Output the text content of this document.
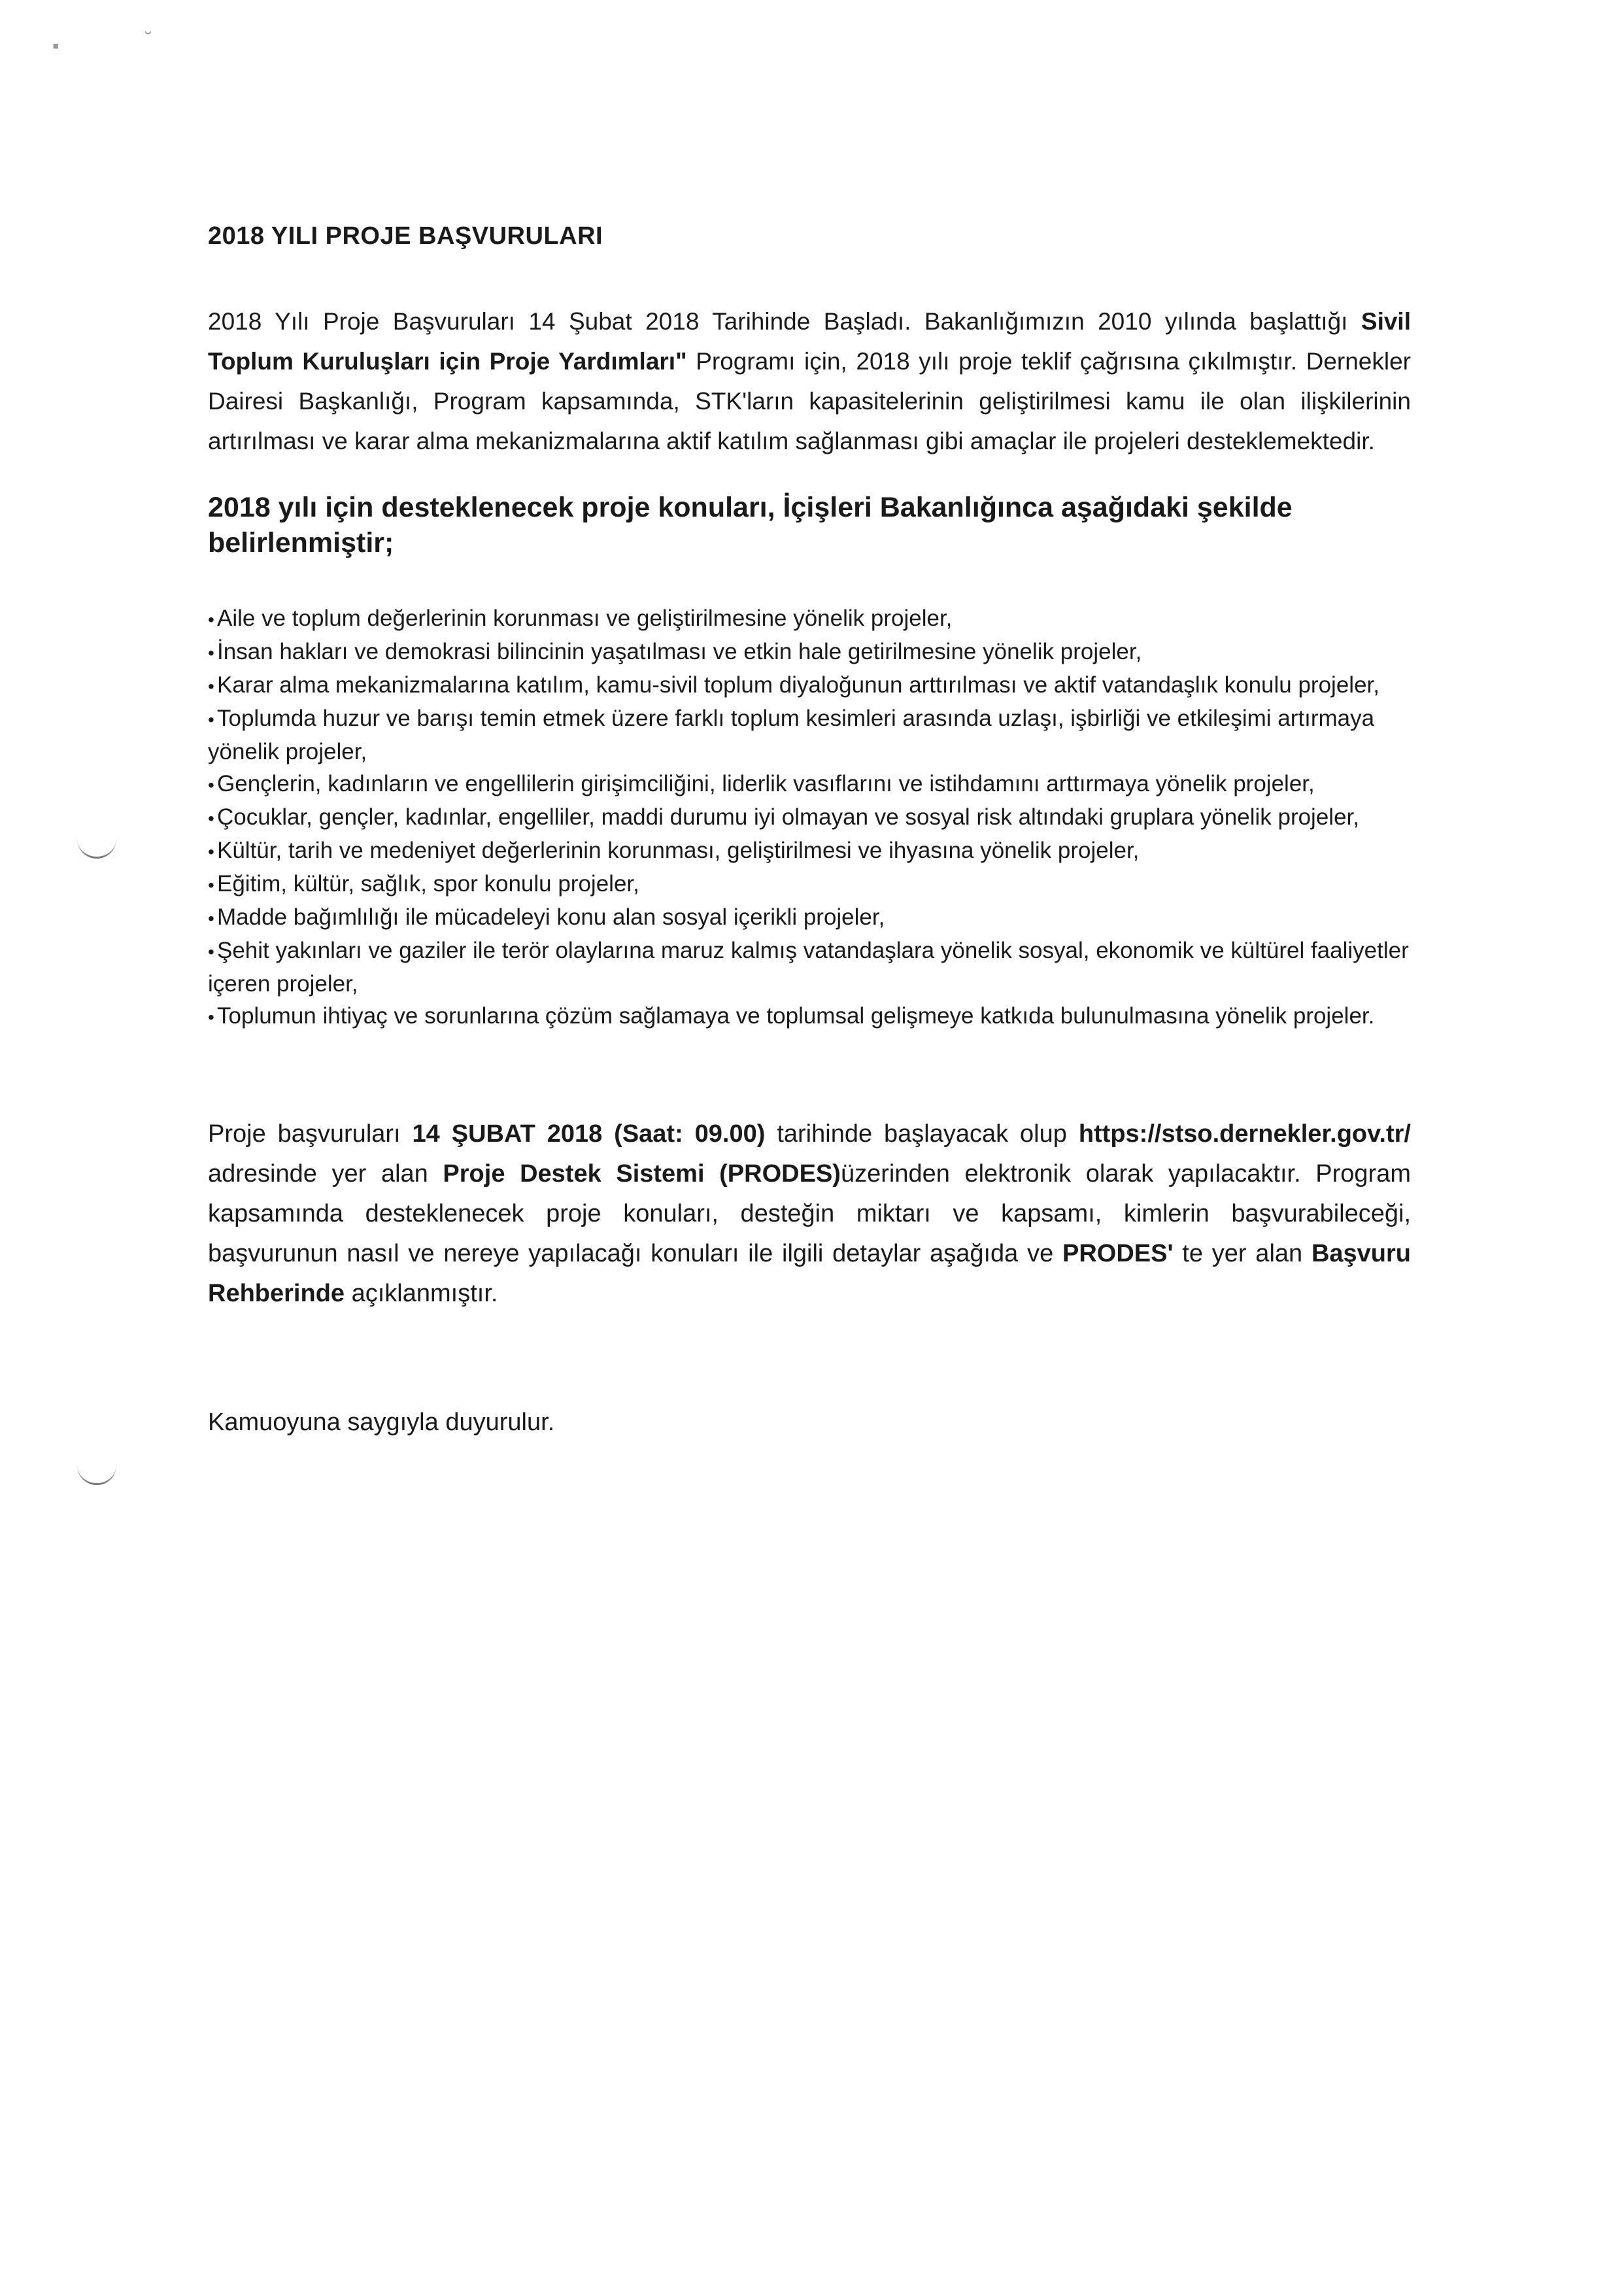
▪	˘
2018 YILI PROJE BAŞVURULARI

2018 Yılı Proje Başvuruları 14 Şubat 2018 Tarihinde Başladı. Bakanlığımızın 2010 yılında başlattığı Sivil Toplum Kuruluşları için Proje Yardımları" Programı için, 2018 yılı proje teklif çağrısına çıkılmıştır. Dernekler Dairesi Başkanlığı, Program kapsamında, STK'ların kapasitelerinin geliştirilmesi kamu ile olan ilişkilerinin artırılması ve karar alma mekanizmalarına aktif katılım sağlanması gibi amaçlar ile projeleri desteklemektedir.

2018 yılı için desteklenecek proje konuları, İçişleri Bakanlığınca aşağıdaki şekilde belirlenmiştir;
• Aile ve toplum değerlerinin korunması ve geliştirilmesine yönelik projeler,
• İnsan hakları ve demokrasi bilincinin yaşatılması ve etkin hale getirilmesine yönelik projeler,
• Karar alma mekanizmalarına katılım, kamu-sivil toplum diyaloğunun arttırılması ve aktif vatandaşlık konulu projeler,
• Toplumda huzur ve barışı temin etmek üzere farklı toplum kesimleri arasında uzlaşı, işbirliği ve etkileşimi artırmaya yönelik projeler,
• Gençlerin, kadınların ve engellilerin girişimciliğini, liderlik vasıflarını ve istihdamını arttırmaya yönelik projeler,
• Çocuklar, gençler, kadınlar, engelliler, maddi durumu iyi olmayan ve sosyal risk altındaki gruplara yönelik projeler,
• Kültür, tarih ve medeniyet değerlerinin korunması, geliştirilmesi ve ihyasına yönelik projeler,
• Eğitim, kültür, sağlık, spor konulu projeler,
• Madde bağımlılığı ile mücadeleyi konu alan sosyal içerikli projeler,
• Şehit yakınları ve gaziler ile terör olaylarına maruz kalmış vatandaşlara yönelik sosyal, ekonomik ve kültürel faaliyetler içeren projeler,
• Toplumun ihtiyaç ve sorunlarına çözüm sağlamaya ve toplumsal gelişmeye katkıda bulunulmasına yönelik projeler.

Proje başvuruları 14 ŞUBAT 2018 (Saat: 09.00) tarihinde başlayacak olup https://stso.dernekler.gov.tr/ adresinde yer alan Proje Destek Sistemi (PRODES)üzerinden elektronik olarak yapılacaktır. Program kapsamında desteklenecek proje konuları, desteğin miktarı ve kapsamı, kimlerin başvurabileceği, başvurunun nasıl ve nereye yapılacağı konuları ile ilgili detaylar aşağıda ve PRODES' te yer alan Başvuru Rehberinde açıklanmıştır.

Kamuoyuna saygıyla duyurulur.
